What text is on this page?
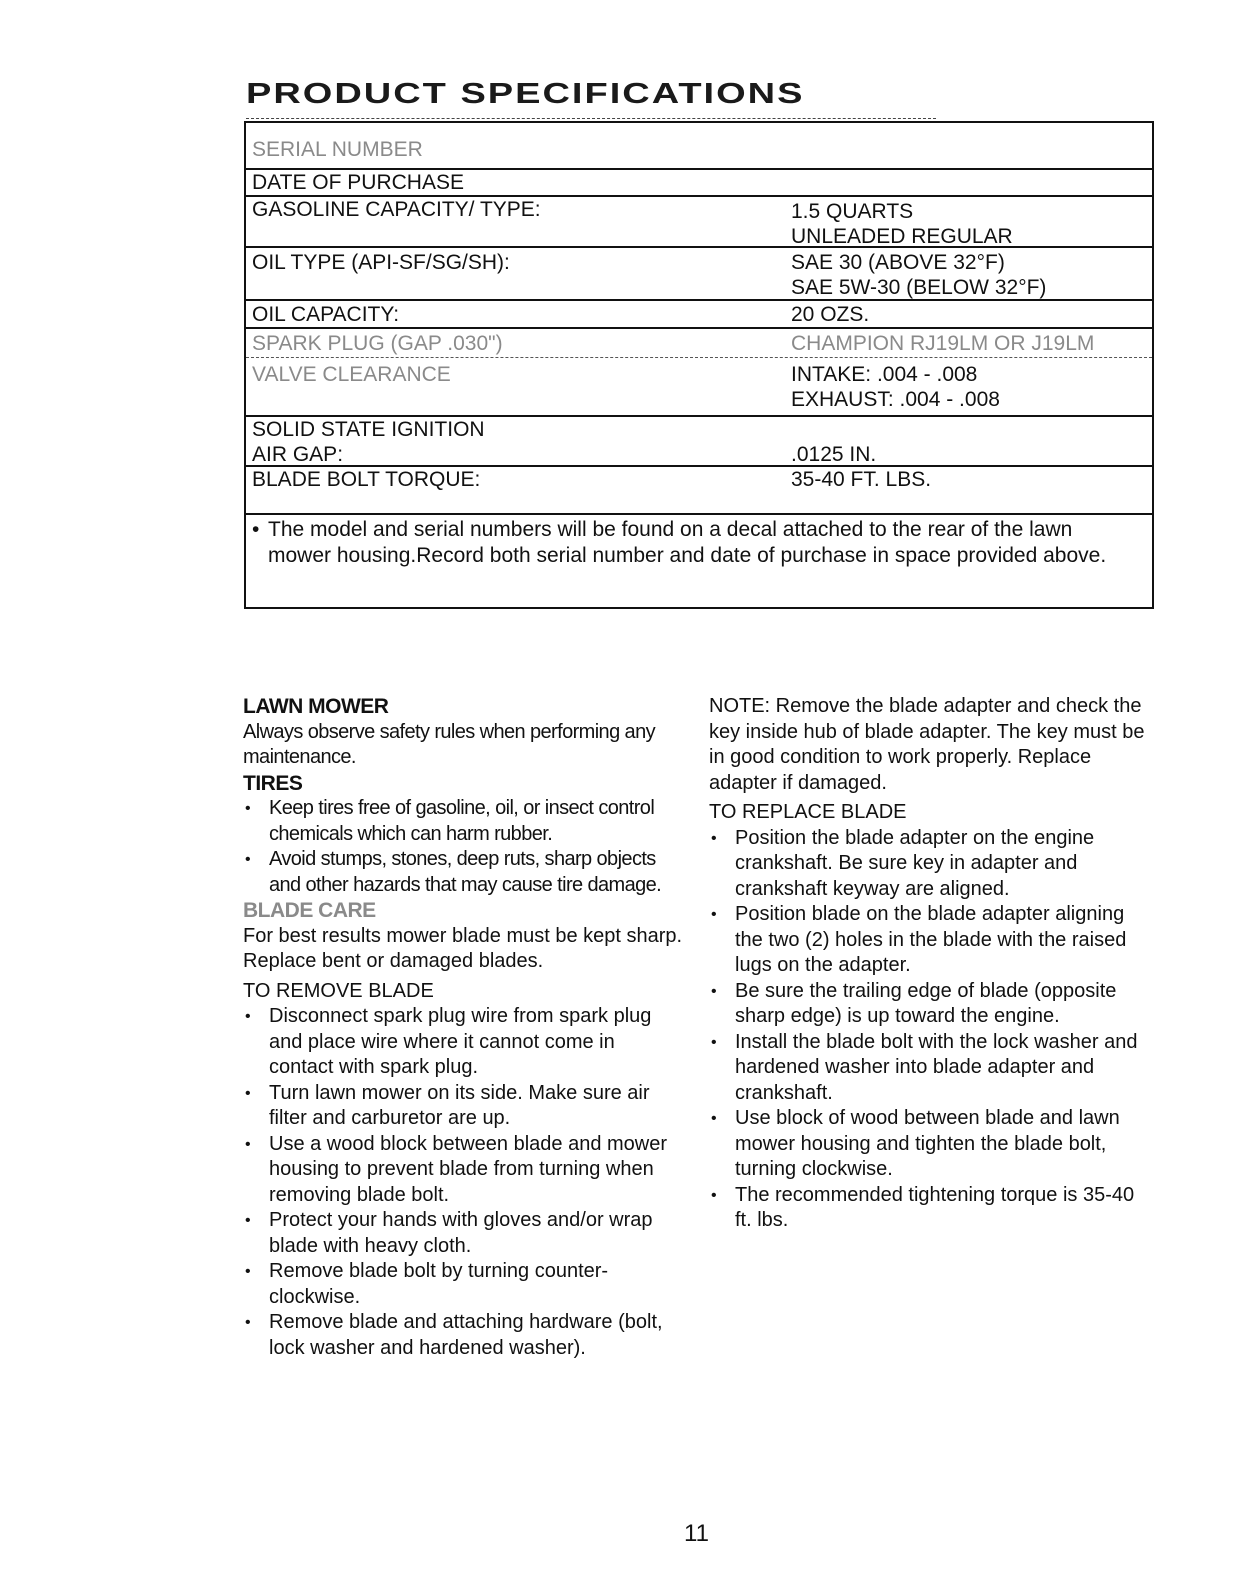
PRODUCT SPECIFICATIONS
SERIAL NUMBER
DATE OF PURCHASE
GASOLINE CAPACITY/ TYPE:	1.5 QUARTS
UNLEADED REGULAR
OIL TYPE (API-SF/SG/SH):	SAE 30 (ABOVE 32°F)
SAE 5W-30 (BELOW 32°F)
OIL CAPACITY:	20 OZS.
SPARK PLUG (GAP .030")	CHAMPION RJ19LM OR J19LM
VALVE CLEARANCE	INTAKE: .004 - .008
EXHAUST: .004 - .008
SOLID STATE IGNITION
AIR GAP:	.0125 IN.
BLADE BOLT TORQUE:	35-40 FT. LBS.
• The model and serial numbers will be found on a decal attached to the rear of the lawn mower housing.Record both serial number and date of purchase in space provided above.
LAWN MOWER

Always observe safety rules when performing any maintenance.

TIRES
• Keep tires free of gasoline, oil, or insect control chemicals which can harm rubber.
• Avoid stumps, stones, deep ruts, sharp objects and other hazards that may cause tire damage.
BLADE CARE

For best results mower blade must be kept sharp. Replace bent or damaged blades.

TO REMOVE BLADE
• Disconnect spark plug wire from spark plug and place wire where it cannot come in contact with spark plug.
• Turn lawn mower on its side. Make sure air filter and carburetor are up.
• Use a wood block between blade and mower housing to prevent blade from turning when removing blade bolt.
• Protect your hands with gloves and/or wrap blade with heavy cloth.
• Remove blade bolt by turning counter-clockwise.
• Remove blade and attaching hardware (bolt, lock washer and hardened washer).

NOTE: Remove the blade adapter and check the key inside hub of blade adapter. The key must be in good condition to work properly. Replace adapter if damaged.

TO REPLACE BLADE
• Position the blade adapter on the engine crankshaft. Be sure key in adapter and crankshaft keyway are aligned.
• Position blade on the blade adapter aligning the two (2) holes in the blade with the raised lugs on the adapter.
• Be sure the trailing edge of blade (opposite sharp edge) is up toward the engine.
• Install the blade bolt with the lock washer and hardened washer into blade adapter and crankshaft.
• Use block of wood between blade and lawn mower housing and tighten the blade bolt, turning clockwise.
• The recommended tightening torque is 35-40 ft. lbs.
11
